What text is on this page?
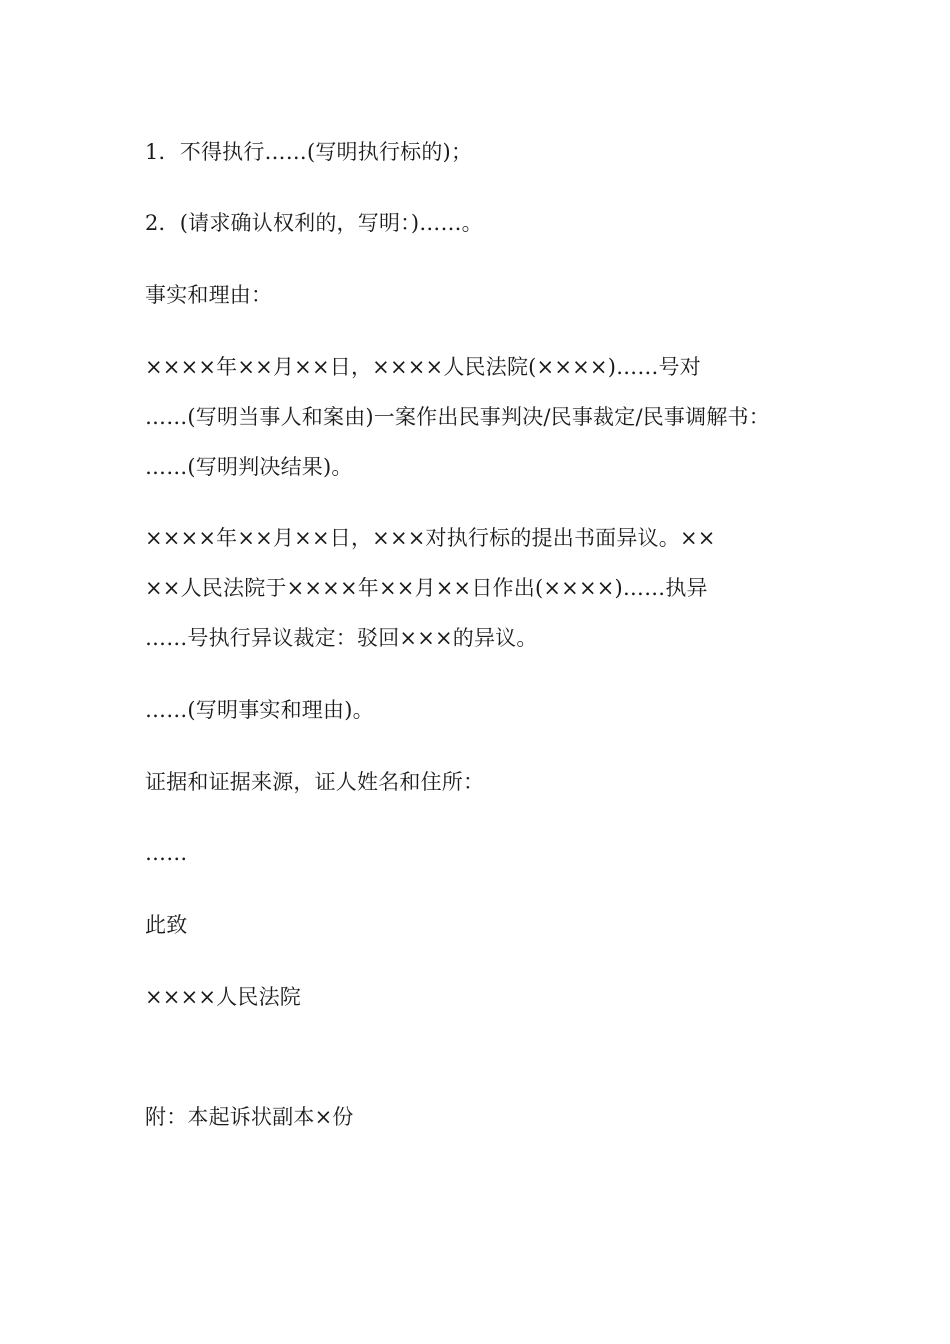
1．不得执行……(写明执行标的)；
2．(请求确认权利的，写明：)……。
事实和理由：
××××年××月××日，××××人民法院(××××)……号对
……(写明当事人和案由)一案作出民事判决/民事裁定/民事调解书：
……(写明判决结果)。
××××年××月××日，×××对执行标的提出书面异议。××
××人民法院于××××年××月××日作出(××××)……执异
……号执行异议裁定：驳回×××的异议。
……(写明事实和理由)。
证据和证据来源，证人姓名和住所：
……
此致
××××人民法院
附：本起诉状副本×份
